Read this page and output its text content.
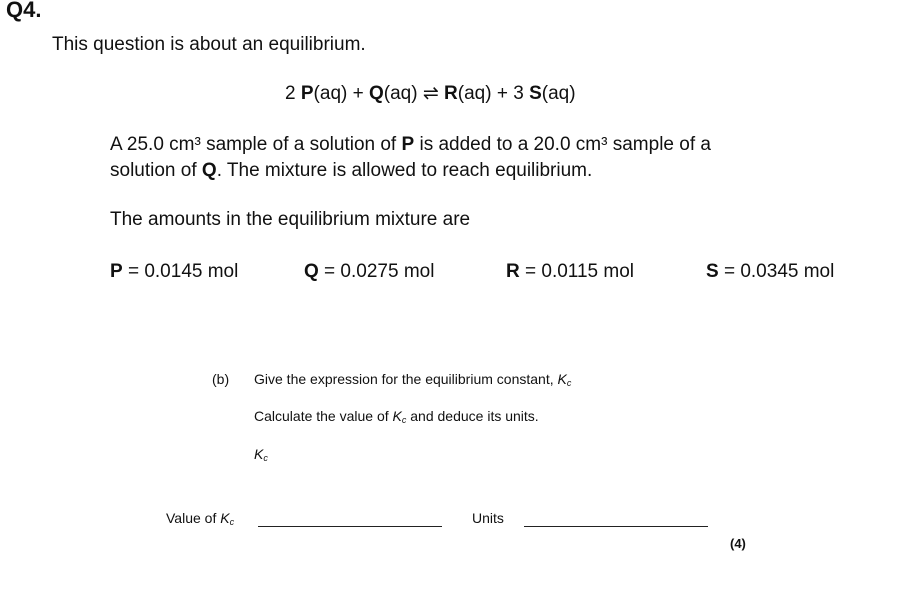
Q4.
This question is about an equilibrium.
2 P(aq) + Q(aq) ⇌ R(aq) + 3 S(aq)
A 25.0 cm³ sample of a solution of P is added to a 20.0 cm³ sample of a
solution of Q. The mixture is allowed to reach equilibrium.
The amounts in the equilibrium mixture are
P = 0.0145 mol	Q = 0.0275 mol	R = 0.0115 mol	S = 0.0345 mol
(b) Give the expression for the equilibrium constant, Kc
Calculate the value of Kc and deduce its units.
Kc
Value of Kc	Units
(4)
